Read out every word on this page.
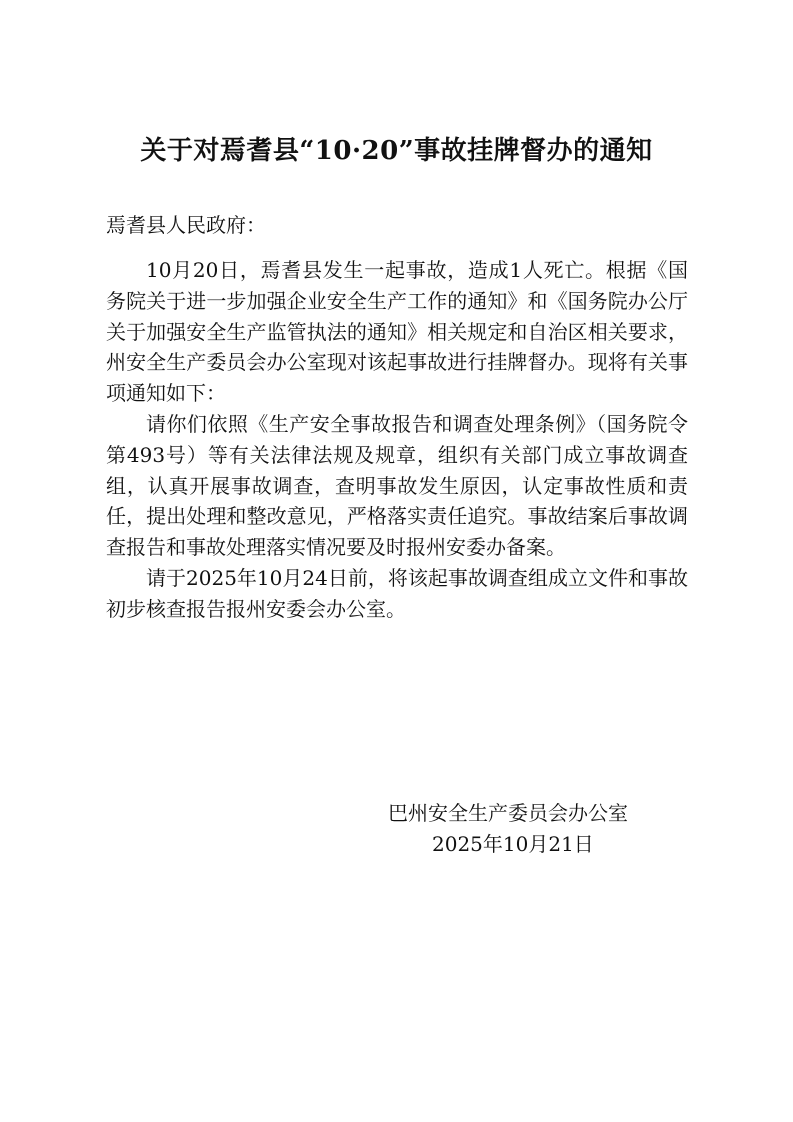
关于对焉耆县“10·20”事故挂牌督办的通知
焉耆县人民政府：

10月20日，焉耆县发生一起事故，造成1人死亡。根据《国务院关于进一步加强企业安全生产工作的通知》和《国务院办公厅关于加强安全生产监管执法的通知》相关规定和自治区相关要求，州安全生产委员会办公室现对该起事故进行挂牌督办。现将有关事项通知如下：

请你们依照《生产安全事故报告和调查处理条例》（国务院令第493号）等有关法律法规及规章，组织有关部门成立事故调查组，认真开展事故调查，查明事故发生原因，认定事故性质和责任，提出处理和整改意见，严格落实责任追究。事故结案后事故调查报告和事故处理落实情况要及时报州安委办备案。

请于2025年10月24日前，将该起事故调查组成立文件和事故初步核查报告报州安委会办公室。

巴州安全生产委员会办公室
2025年10月21日
